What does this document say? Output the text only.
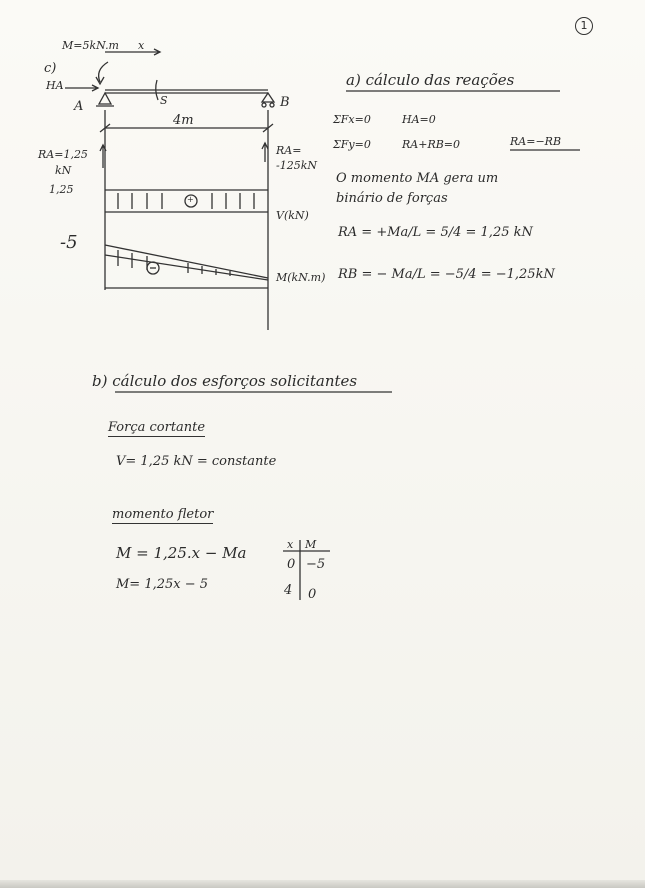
1
M=5kN.m x
c)
HA
A	B
S
4m
RA=1,25
kN
1,25
RA=
-125kN
+
V(kN)
-5
M(kN.m)
a) cálculo das reações
ΣFx=0	HA=0
ΣFy=0	RA+RB=0	RA=−RB
O momento MA gera um
binário de forças
RA = +Ma/L = 5/4 = 1,25 kN
RB = − Ma/L = −5/4 = −1,25kN
b) cálculo dos esforços solicitantes
Força cortante
V= 1,25 kN = constante
momento fletor
M = 1,25.x − Ma
M= 1,25x − 5
x M
0 −5
4 0
